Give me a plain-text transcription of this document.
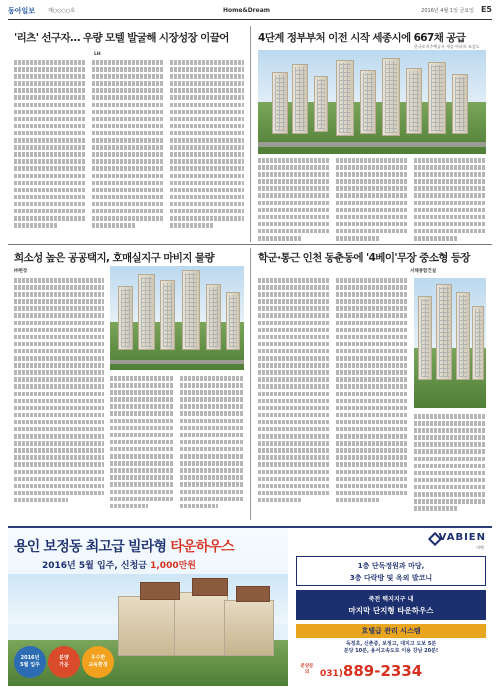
동아일보	제○○○○호	Home&Dream	2016년 4월 1일 금요일 E5
'리츠' 선구자… 우량 모텔 발굴해 시장성장 이끌어	4단계 정부부처 이전 시작 세종시에 667채 공급
희소성 높은 공공택지, 호매실지구 마비지 물량	학군·통근 인천 동춘동에 '4베이'무장 중소형 등장
LH
한국토지주택공사 세종 아파트 조감도
㈜현장	서해종합건설
용인 보정동 최고급 빌라형 타운하우스
2016년 5월 입주, 신청금 1,000만원
2016년
5월 입주
분양
가운
우수한
교육환경
VABIEN
비벤
1층 단독정원과 마당,
3층 다락방 및 옥외 발코니
죽전 택지지구 내
마지막 단지형 타운하우스
호텔급 관리 시스템
독정초, 신촌중, 보정고, 대지고 도보 5분
분당 10분, 용서고속도로 이용 강남 20분!
분양문의	031)889-2334
